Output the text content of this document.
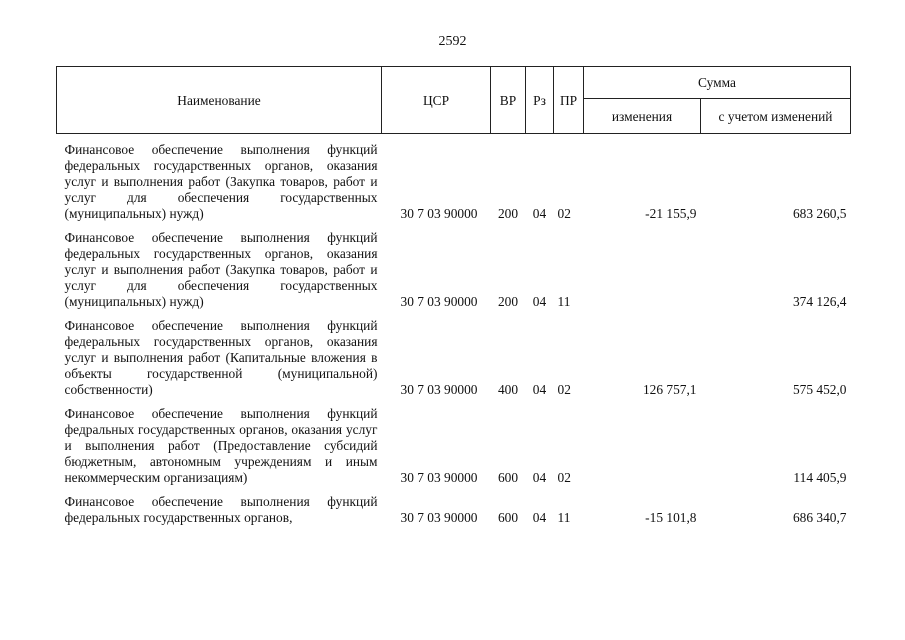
2592
Наименование	ЦСР	ВР	Рз	ПР	Сумма	
					изменения	с учетом изменений

Финансовое обеспечение выполнения функций федеральных государственных органов, оказания услуг и выполнения работ (Закупка товаров, работ и услуг для обеспечения государственных (муниципальных) нужд)	30 7 03 90000	200	04	02	-21 155,9	683 260,5

Финансовое обеспечение выполнения функций федеральных государственных органов, оказания услуг и выполнения работ (Закупка товаров, работ и услуг для обеспечения государственных (муниципальных) нужд)	30 7 03 90000	200	04	11		374 126,4

Финансовое обеспечение выполнения функций федеральных государственных органов, оказания услуг и выполнения работ (Капитальные вложения в объекты государственной (муниципальной) собственности)	30 7 03 90000	400	04	02	126 757,1	575 452,0

Финансовое обеспечение выполнения функций федральных государственных органов, оказания услуг и выполнения работ (Предоставление субсидий бюджетным, автономным учреждениям и иным некоммерческим организациям)	30 7 03 90000	600	04	02		114 405,9

Финансовое обеспечение выполнения функций федеральных государственных органов,	30 7 03 90000	600	04	11	-15 101,8	686 340,7
